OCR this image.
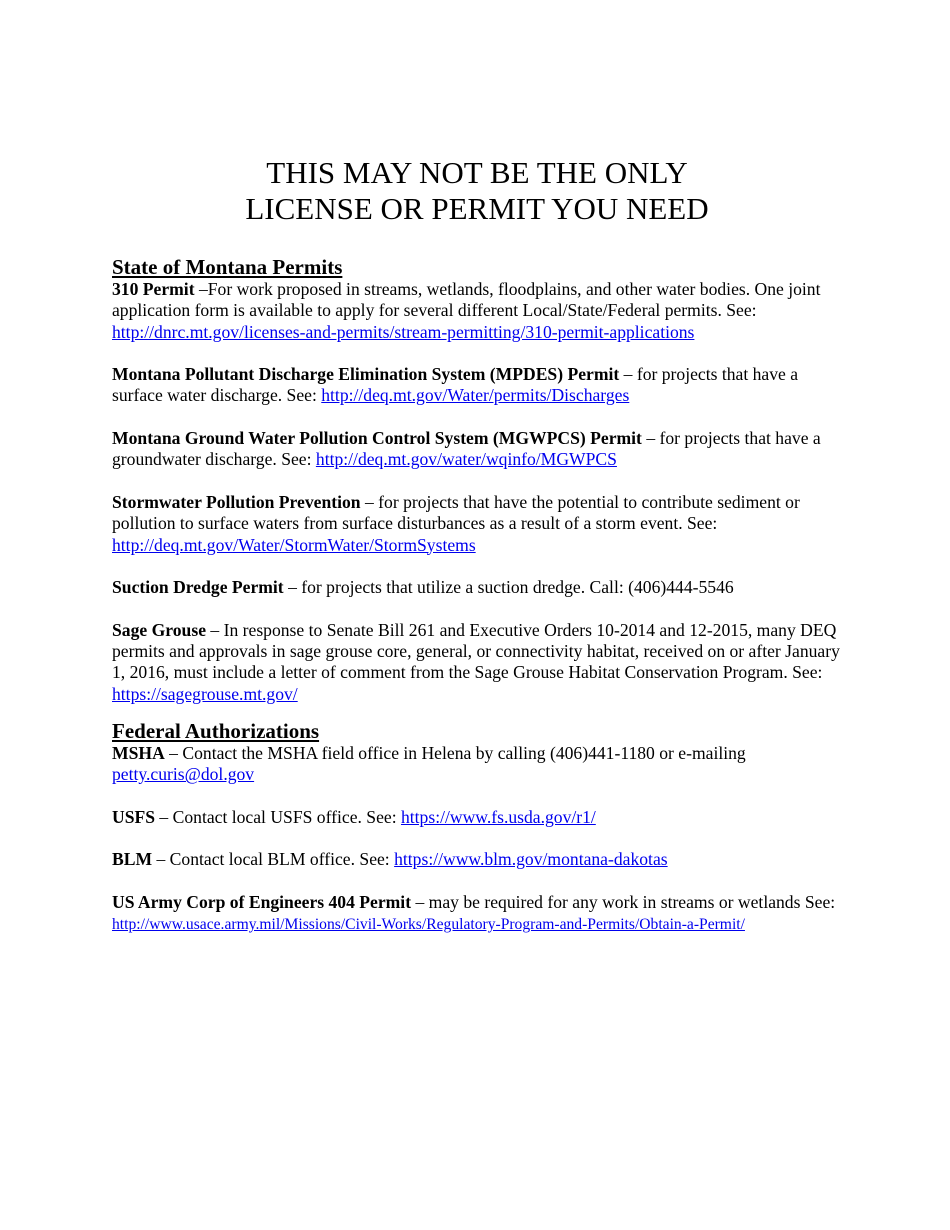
THIS MAY NOT BE THE ONLY
LICENSE OR PERMIT YOU NEED
State of Montana Permits

310 Permit –For work proposed in streams, wetlands, floodplains, and other water bodies. One joint application form is available to apply for several different Local/State/Federal permits. See: http://dnrc.mt.gov/licenses-and-permits/stream-permitting/310-permit-applications

Montana Pollutant Discharge Elimination System (MPDES) Permit – for projects that have a surface water discharge. See: http://deq.mt.gov/Water/permits/Discharges

Montana Ground Water Pollution Control System (MGWPCS) Permit – for projects that have a groundwater discharge. See: http://deq.mt.gov/water/wqinfo/MGWPCS

Stormwater Pollution Prevention – for projects that have the potential to contribute sediment or pollution to surface waters from surface disturbances as a result of a storm event. See: http://deq.mt.gov/Water/StormWater/StormSystems

Suction Dredge Permit – for projects that utilize a suction dredge. Call: (406)444-5546

Sage Grouse – In response to Senate Bill 261 and Executive Orders 10-2014 and 12-2015, many DEQ permits and approvals in sage grouse core, general, or connectivity habitat, received on or after January 1, 2016, must include a letter of comment from the Sage Grouse Habitat Conservation Program. See: https://sagegrouse.mt.gov/

Federal Authorizations

MSHA – Contact the MSHA field office in Helena by calling (406)441-1180 or e-mailing petty.curis@dol.gov

USFS – Contact local USFS office. See: https://www.fs.usda.gov/r1/

BLM – Contact local BLM office. See: https://www.blm.gov/montana-dakotas

US Army Corp of Engineers 404 Permit – may be required for any work in streams or wetlands See: http://www.usace.army.mil/Missions/Civil-Works/Regulatory-Program-and-Permits/Obtain-a-Permit/
